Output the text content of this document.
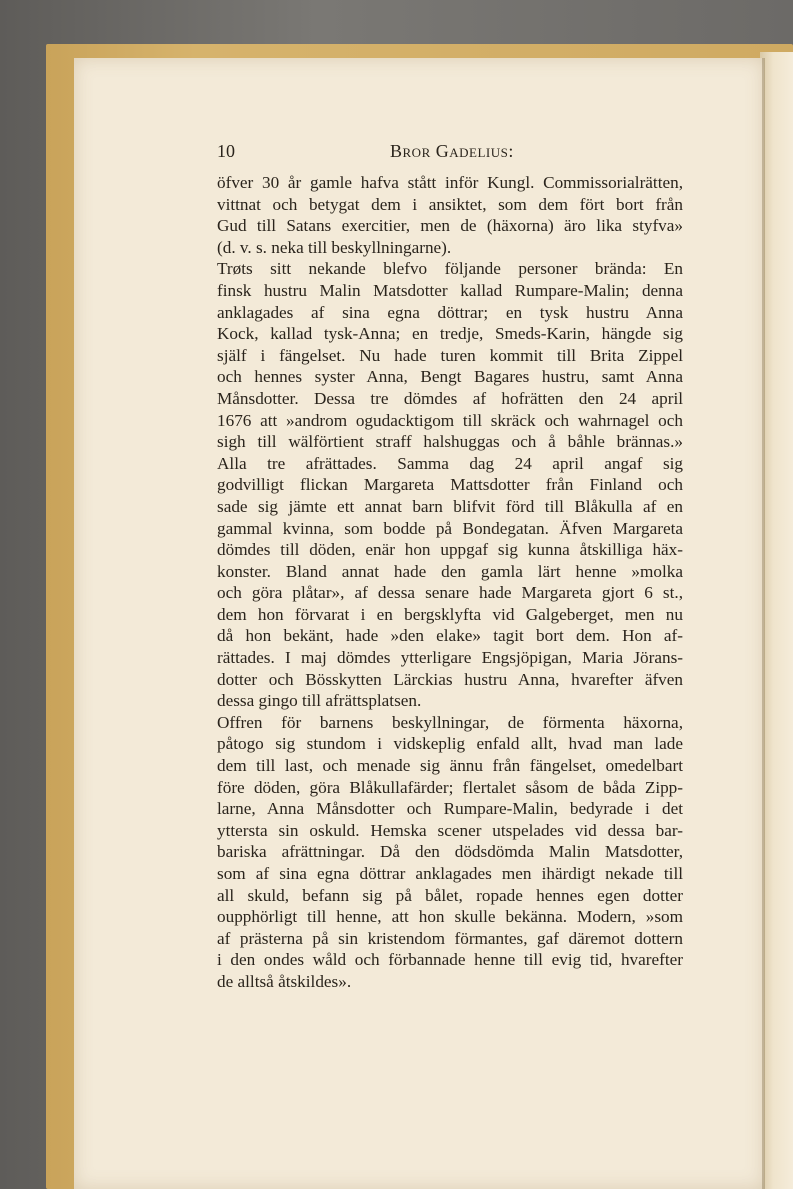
10	Bror Gadelius:
öfver 30 år gamle hafva stått inför Kungl. Commissorialrätten,
vittnat och betygat dem i ansiktet, som dem fört bort från
Gud till Satans exercitier, men de (häxorna) äro lika styfva»
(d. v. s. neka till beskyllningarne).
Trøts sitt nekande blefvo följande personer brända: En
finsk hustru Malin Matsdotter kallad Rumpare-Malin; denna
anklagades af sina egna döttrar; en tysk hustru Anna
Kock, kallad tysk-Anna; en tredje, Smeds-Karin, hängde sig
själf i fängelset. Nu hade turen kommit till Brita Zippel
och hennes syster Anna, Bengt Bagares hustru, samt Anna
Månsdotter. Dessa tre dömdes af hofrätten den 24 april
1676 att »androm ogudacktigom till skräck och wahrnagel och
sigh till wälförtient straff halshuggas och å båhle brännas.»
Alla tre afrättades. Samma dag 24 april angaf sig
godvilligt flickan Margareta Mattsdotter från Finland och
sade sig jämte ett annat barn blifvit förd till Blåkulla af en
gammal kvinna, som bodde på Bondegatan. Äfven Margareta
dömdes till döden, enär hon uppgaf sig kunna åtskilliga häx-
konster. Bland annat hade den gamla lärt henne »molka
och göra plåtar», af dessa senare hade Margareta gjort 6 st.,
dem hon förvarat i en bergsklyfta vid Galgeberget, men nu
då hon bekänt, hade »den elake» tagit bort dem. Hon af-
rättades. I maj dömdes ytterligare Engsjöpigan, Maria Jörans-
dotter och Bösskytten Lärckias hustru Anna, hvarefter äfven
dessa gingo till afrättsplatsen.
Offren för barnens beskyllningar, de förmenta häxorna,
påtogo sig stundom i vidskeplig enfald allt, hvad man lade
dem till last, och menade sig ännu från fängelset, omedelbart
före döden, göra Blåkullafärder; flertalet såsom de båda Zipp-
larne, Anna Månsdotter och Rumpare-Malin, bedyrade i det
yttersta sin oskuld. Hemska scener utspelades vid dessa bar-
bariska afrättningar. Då den dödsdömda Malin Matsdotter,
som af sina egna döttrar anklagades men ihärdigt nekade till
all skuld, befann sig på bålet, ropade hennes egen dotter
oupphörligt till henne, att hon skulle bekänna. Modern, »som
af prästerna på sin kristendom förmantes, gaf däremot dottern
i den ondes wåld och förbannade henne till evig tid, hvarefter
de alltså åtskildes».
